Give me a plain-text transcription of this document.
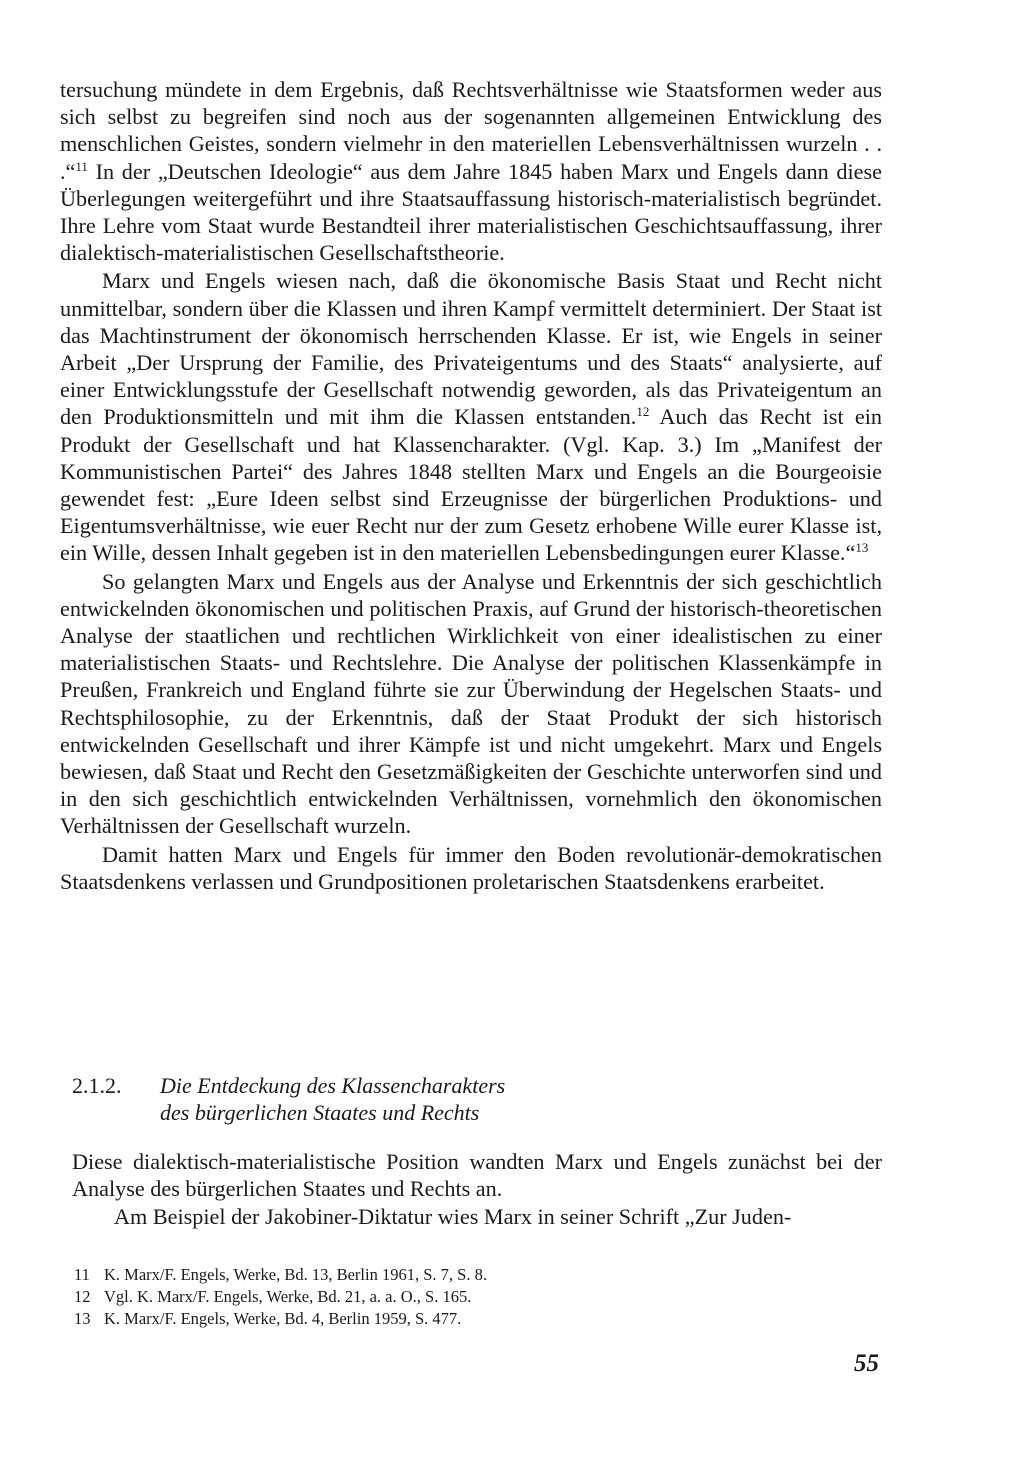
tersuchung mündete in dem Ergebnis, daß Rechtsverhältnisse wie Staatsformen weder aus sich selbst zu begreifen sind noch aus der sogenannten allgemeinen Entwicklung des menschlichen Geistes, sondern vielmehr in den materiellen Lebensverhältnissen wurzeln . . .“$^{11}$ In der „Deutschen Ideologie“ aus dem Jahre 1845 haben Marx und Engels dann diese Überlegungen weitergeführt und ihre Staatsauffassung historisch-materialistisch begründet. Ihre Lehre vom Staat wurde Bestandteil ihrer materialistischen Geschichtsauffassung, ihrer dialektisch-materialistischen Gesellschaftstheorie.

Marx und Engels wiesen nach, daß die ökonomische Basis Staat und Recht nicht unmittelbar, sondern über die Klassen und ihren Kampf vermittelt determiniert. Der Staat ist das Machtinstrument der ökonomisch herrschenden Klasse. Er ist, wie Engels in seiner Arbeit „Der Ursprung der Familie, des Privateigentums und des Staats“ analysierte, auf einer Entwicklungsstufe der Gesellschaft notwendig geworden, als das Privateigentum an den Produktionsmitteln und mit ihm die Klassen entstanden.$^{12}$ Auch das Recht ist ein Produkt der Gesellschaft und hat Klassencharakter. (Vgl. Kap. 3.) Im „Manifest der Kommunistischen Partei“ des Jahres 1848 stellten Marx und Engels an die Bourgeoisie gewendet fest: „Eure Ideen selbst sind Erzeugnisse der bürgerlichen Produktions- und Eigentumsverhältnisse, wie euer Recht nur der zum Gesetz erhobene Wille eurer Klasse ist, ein Wille, dessen Inhalt gegeben ist in den materiellen Lebensbedingungen eurer Klasse.“$^{13}$

So gelangten Marx und Engels aus der Analyse und Erkenntnis der sich geschichtlich entwickelnden ökonomischen und politischen Praxis, auf Grund der historisch-theoretischen Analyse der staatlichen und rechtlichen Wirklichkeit von einer idealistischen zu einer materialistischen Staats- und Rechtslehre. Die Analyse der politischen Klassenkämpfe in Preußen, Frankreich und England führte sie zur Überwindung der Hegelschen Staats- und Rechtsphilosophie, zu der Erkenntnis, daß der Staat Produkt der sich historisch entwickelnden Gesellschaft und ihrer Kämpfe ist und nicht umgekehrt. Marx und Engels bewiesen, daß Staat und Recht den Gesetzmäßigkeiten der Geschichte unterworfen sind und in den sich geschichtlich entwickelnden Verhältnissen, vornehmlich den ökonomischen Verhältnissen der Gesellschaft wurzeln.

Damit hatten Marx und Engels für immer den Boden revolutionär-demokratischen Staatsdenkens verlassen und Grundpositionen proletarischen Staatsdenkens erarbeitet.

2.1.2. Die Entdeckung des Klassencharakters
des bürgerlichen Staates und Rechts

Diese dialektisch-materialistische Position wandten Marx und Engels zunächst bei der Analyse des bürgerlichen Staates und Rechts an.

Am Beispiel der Jakobiner-Diktatur wies Marx in seiner Schrift „Zur Juden-

11 K. Marx/F. Engels, Werke, Bd. 13, Berlin 1961, S. 7, S. 8.
12 Vgl. K. Marx/F. Engels, Werke, Bd. 21, a. a. O., S. 165.
13 K. Marx/F. Engels, Werke, Bd. 4, Berlin 1959, S. 477.
55
